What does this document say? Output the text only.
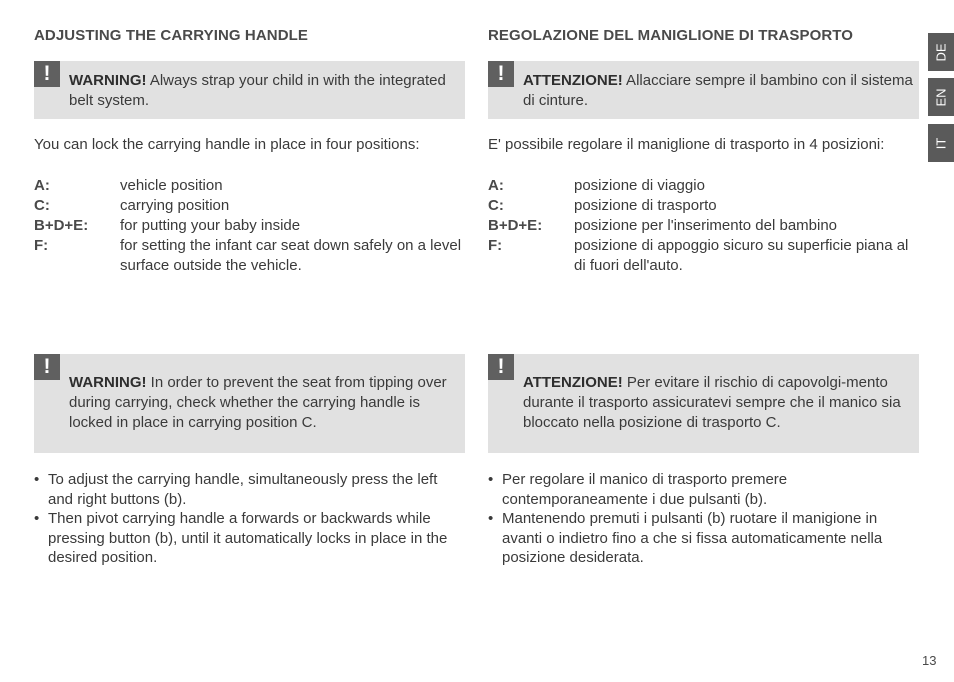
ADJUSTING THE CARRYING HANDLE
!	WARNING! Always strap your child in with the integrated belt system.
You can lock the carrying handle in place in four positions:
A:	vehicle position
C:	carrying position
B+D+E:	for putting your baby inside
F:	for setting the infant car seat down safely on a level surface outside the vehicle.
!
WARNING! In order to prevent the seat from tipping over during carrying, check whether the carrying handle is locked in place in carrying position C.
• To adjust the carrying handle, simultaneously press the left and right buttons (b).
• Then pivot carrying handle a forwards or backwards while pressing button (b), until it automatically locks in place in the desired position.
REGOLAZIONE DEL MANIGLIONE DI TRASPORTO
!	ATTENZIONE! Allacciare sempre il bambino con il sistema di cinture.
E' possibile regolare il maniglione di trasporto in 4 posizioni:
A:	posizione di viaggio
C:	posizione di trasporto
B+D+E:	posizione per l'inserimento del bambino
F:	posizione di appoggio sicuro su superficie piana al di fuori dell'auto.
!
ATTENZIONE! Per evitare il rischio di capovolgi-mento durante il trasporto assicuratevi sempre che il manico sia bloccato nella posizione di trasporto C.
• Per regolare il manico di trasporto premere contemporaneamente i due pulsanti (b).
• Mantenendo premuti i pulsanti (b) ruotare il manigione in avanti o indietro fino a che si fissa automaticamente nella posizione desiderata.
DE
EN
IT
13
